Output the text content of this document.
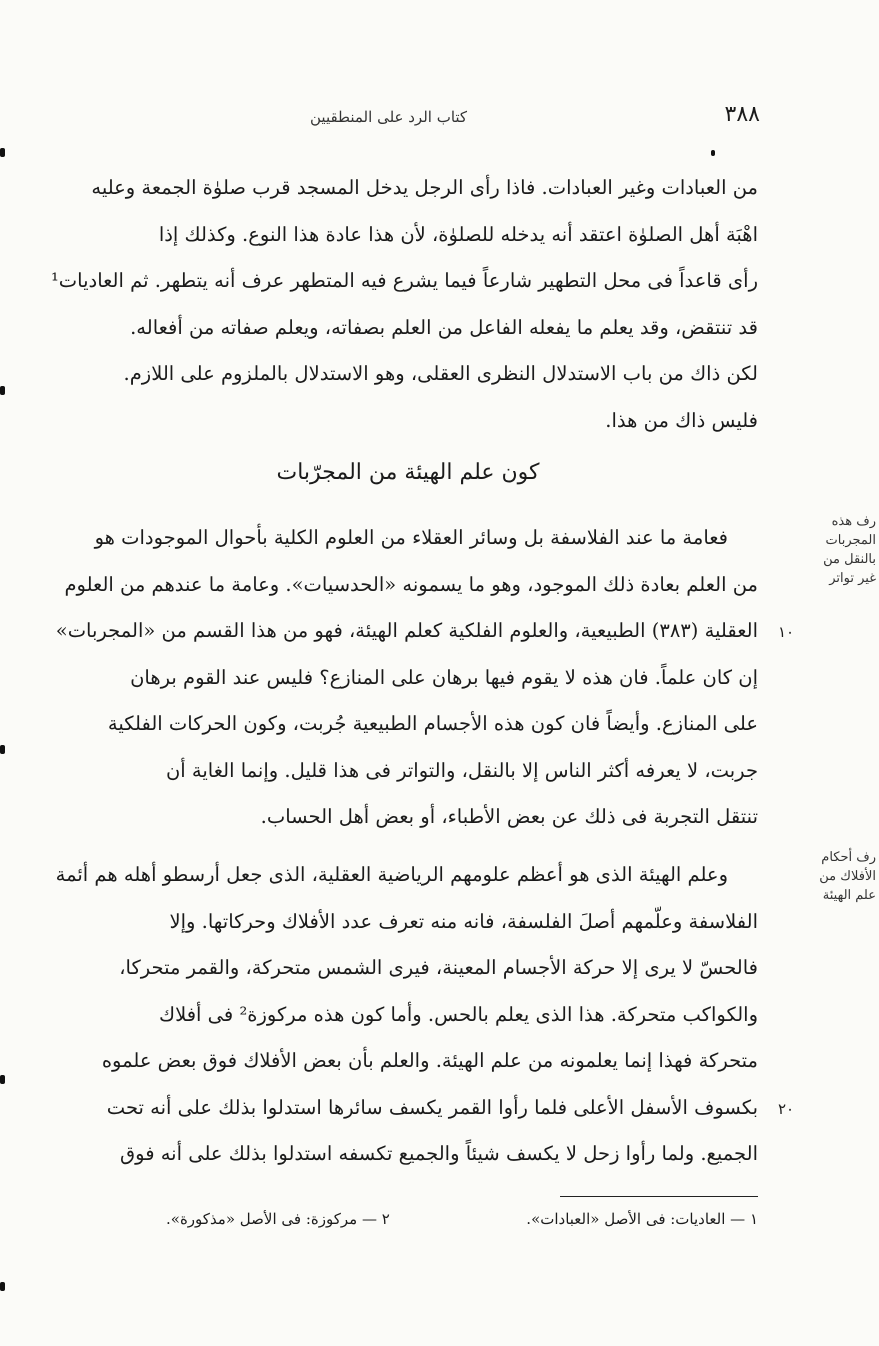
٣٨٨
كتاب الرد على المنطقيين
من العبادات وغير العبادات. فاذا رأى الرجل يدخل المسجد قرب صلوٰة الجمعة وعليه
اهْبَة أهل الصلوٰة اعتقد أنه يدخله للصلوٰة، لأن هذا عادة هذا النوع. وكذلك إذا
رأى قاعداً فى محل التطهير شارعاً فيما يشرع فيه المتطهر عرف أنه يتطهر. ثم العاديات¹
قد تنتقض، وقد يعلم ما يفعله الفاعل من العلم بصفاته، ويعلم صفاته من أفعاله.
لكن ذاك من باب الاستدلال النظرى العقلى، وهو الاستدلال بالملزوم على اللازم.
فليس ذاك من هذا.
كون علم الهيئة من المجرّبات
فعامة ما عند الفلاسفة بل وسائر العقلاء من العلوم الكلية بأحوال الموجودات هو
من العلم بعادة ذلك الموجود، وهو ما يسمونه «الحدسيات». وعامة ما عندهم من العلوم
العقلية (٣٨٣) الطبيعية، والعلوم الفلكية كعلم الهيئة، فهو من هذا القسم من «المجربات»
إن كان علماً. فان هذه لا يقوم فيها برهان على المنازع؟ فليس عند القوم برهان
على المنازع. وأيضاً فان كون هذه الأجسام الطبيعية جُربت، وكون الحركات الفلكية
جربت، لا يعرفه أكثر الناس إلا بالنقل، والتواتر فى هذا قليل. وإنما الغاية أن
تنتقل التجربة فى ذلك عن بعض الأطباء، أو بعض أهل الحساب.
وعلم الهيئة الذى هو أعظم علومهم الرياضية العقلية، الذى جعل أرسطو أهله هم أئمة
الفلاسفة وعلّمهم أصلَ الفلسفة، فانه منه تعرف عدد الأفلاك وحركاتها. وإلا
فالحسّ لا يرى إلا حركة الأجسام المعينة، فيرى الشمس متحركة، والقمر متحركا،
والكواكب متحركة. هذا الذى يعلم بالحس. وأما كون هذه مركوزة² فى أفلاك
متحركة فهذا إنما يعلمونه من علم الهيئة. والعلم بأن بعض الأفلاك فوق بعض علموه
بكسوف الأسفل الأعلى فلما رأوا القمر يكسف سائرها استدلوا بذلك على أنه تحت
الجميع. ولما رأوا زحل لا يكسف شيئاً والجميع تكسفه استدلوا بذلك على أنه فوق
رف هذه
المجربات
بالنقل من
غير تواتر
رف أحكام
الأفلاك من
علم الهيئة
١٠
٢٠
١ — العاديات: فى الأصل «العبادات».
٢ — مركوزة: فى الأصل «مذكورة».
